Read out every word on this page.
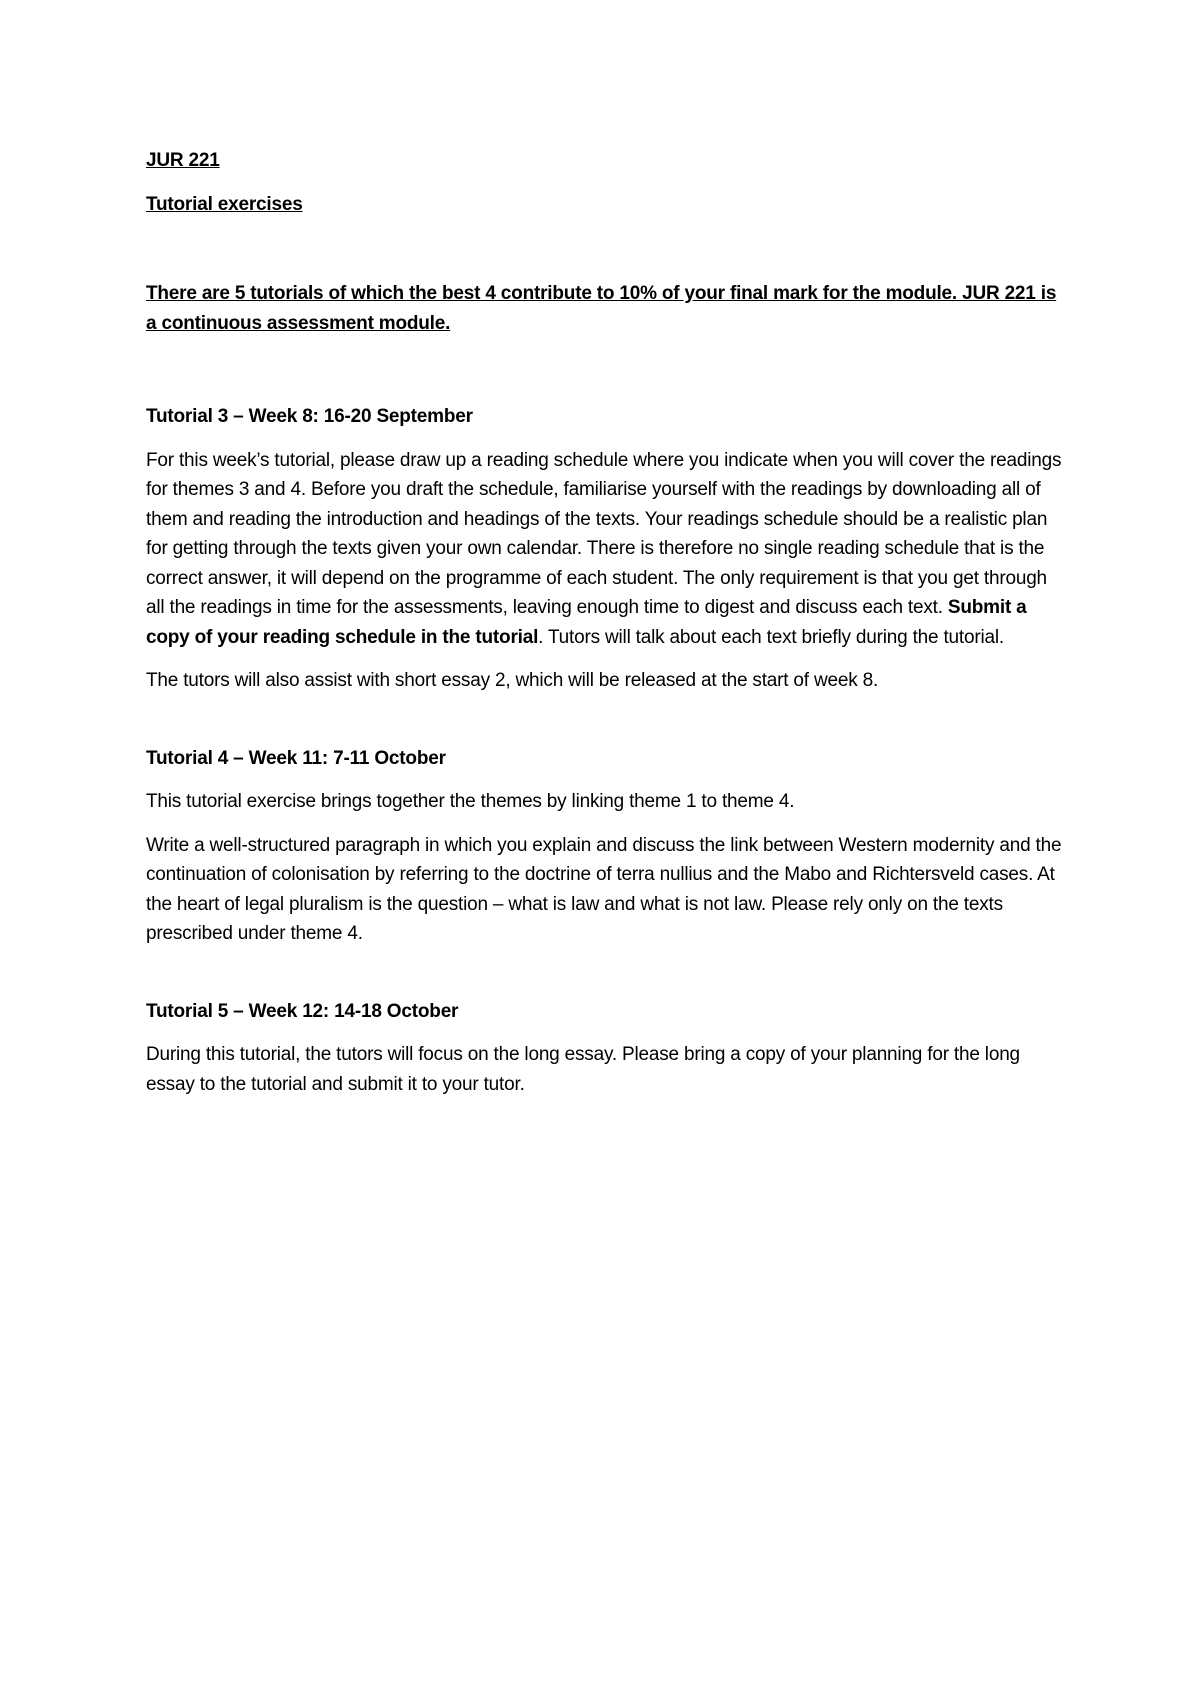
JUR 221

Tutorial exercises

There are 5 tutorials of which the best 4 contribute to 10% of your final mark for the module. JUR 221 is a continuous assessment module.

Tutorial 3 – Week 8: 16-20 September

For this week’s tutorial, please draw up a reading schedule where you indicate when you will cover the readings for themes 3 and 4. Before you draft the schedule, familiarise yourself with the readings by downloading all of them and reading the introduction and headings of the texts. Your readings schedule should be a realistic plan for getting through the texts given your own calendar. There is therefore no single reading schedule that is the correct answer, it will depend on the programme of each student. The only requirement is that you get through all the readings in time for the assessments, leaving enough time to digest and discuss each text. Submit a copy of your reading schedule in the tutorial. Tutors will talk about each text briefly during the tutorial.

The tutors will also assist with short essay 2, which will be released at the start of week 8.

Tutorial 4 – Week 11: 7-11 October

This tutorial exercise brings together the themes by linking theme 1 to theme 4.

Write a well-structured paragraph in which you explain and discuss the link between Western modernity and the continuation of colonisation by referring to the doctrine of terra nullius and the Mabo and Richtersveld cases. At the heart of legal pluralism is the question – what is law and what is not law. Please rely only on the texts prescribed under theme 4.

Tutorial 5 – Week 12: 14-18 October

During this tutorial, the tutors will focus on the long essay. Please bring a copy of your planning for the long essay to the tutorial and submit it to your tutor.
